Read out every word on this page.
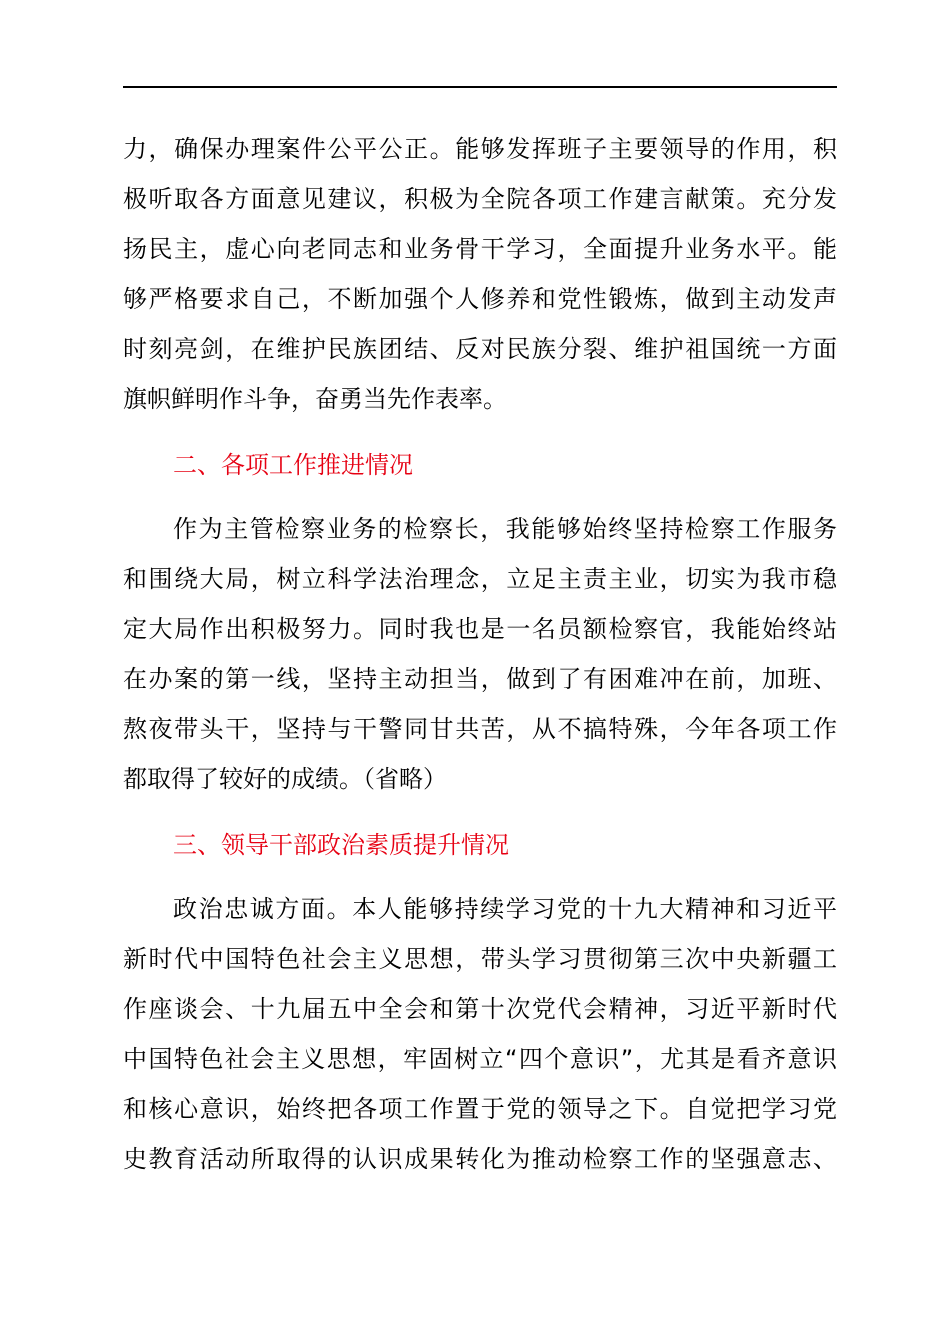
力，确保办理案件公平公正。能够发挥班子主要领导的作用，积
极听取各方面意见建议，积极为全院各项工作建言献策。充分发
扬民主，虚心向老同志和业务骨干学习，全面提升业务水平。能
够严格要求自己，不断加强个人修养和党性锻炼，做到主动发声
时刻亮剑，在维护民族团结、反对民族分裂、维护祖国统一方面
旗帜鲜明作斗争，奋勇当先作表率。
二、各项工作推进情况
作为主管检察业务的检察长，我能够始终坚持检察工作服务
和围绕大局，树立科学法治理念，立足主责主业，切实为我市稳
定大局作出积极努力。同时我也是一名员额检察官，我能始终站
在办案的第一线，坚持主动担当，做到了有困难冲在前，加班、
熬夜带头干，坚持与干警同甘共苦，从不搞特殊，今年各项工作
都取得了较好的成绩。（省略）
三、领导干部政治素质提升情况
政治忠诚方面。本人能够持续学习党的十九大精神和习近平
新时代中国特色社会主义思想，带头学习贯彻第三次中央新疆工
作座谈会、十九届五中全会和第十次党代会精神，习近平新时代
中国特色社会主义思想，牢固树立“四个意识”，尤其是看齐意识
和核心意识，始终把各项工作置于党的领导之下。自觉把学习党
史教育活动所取得的认识成果转化为推动检察工作的坚强意志、
